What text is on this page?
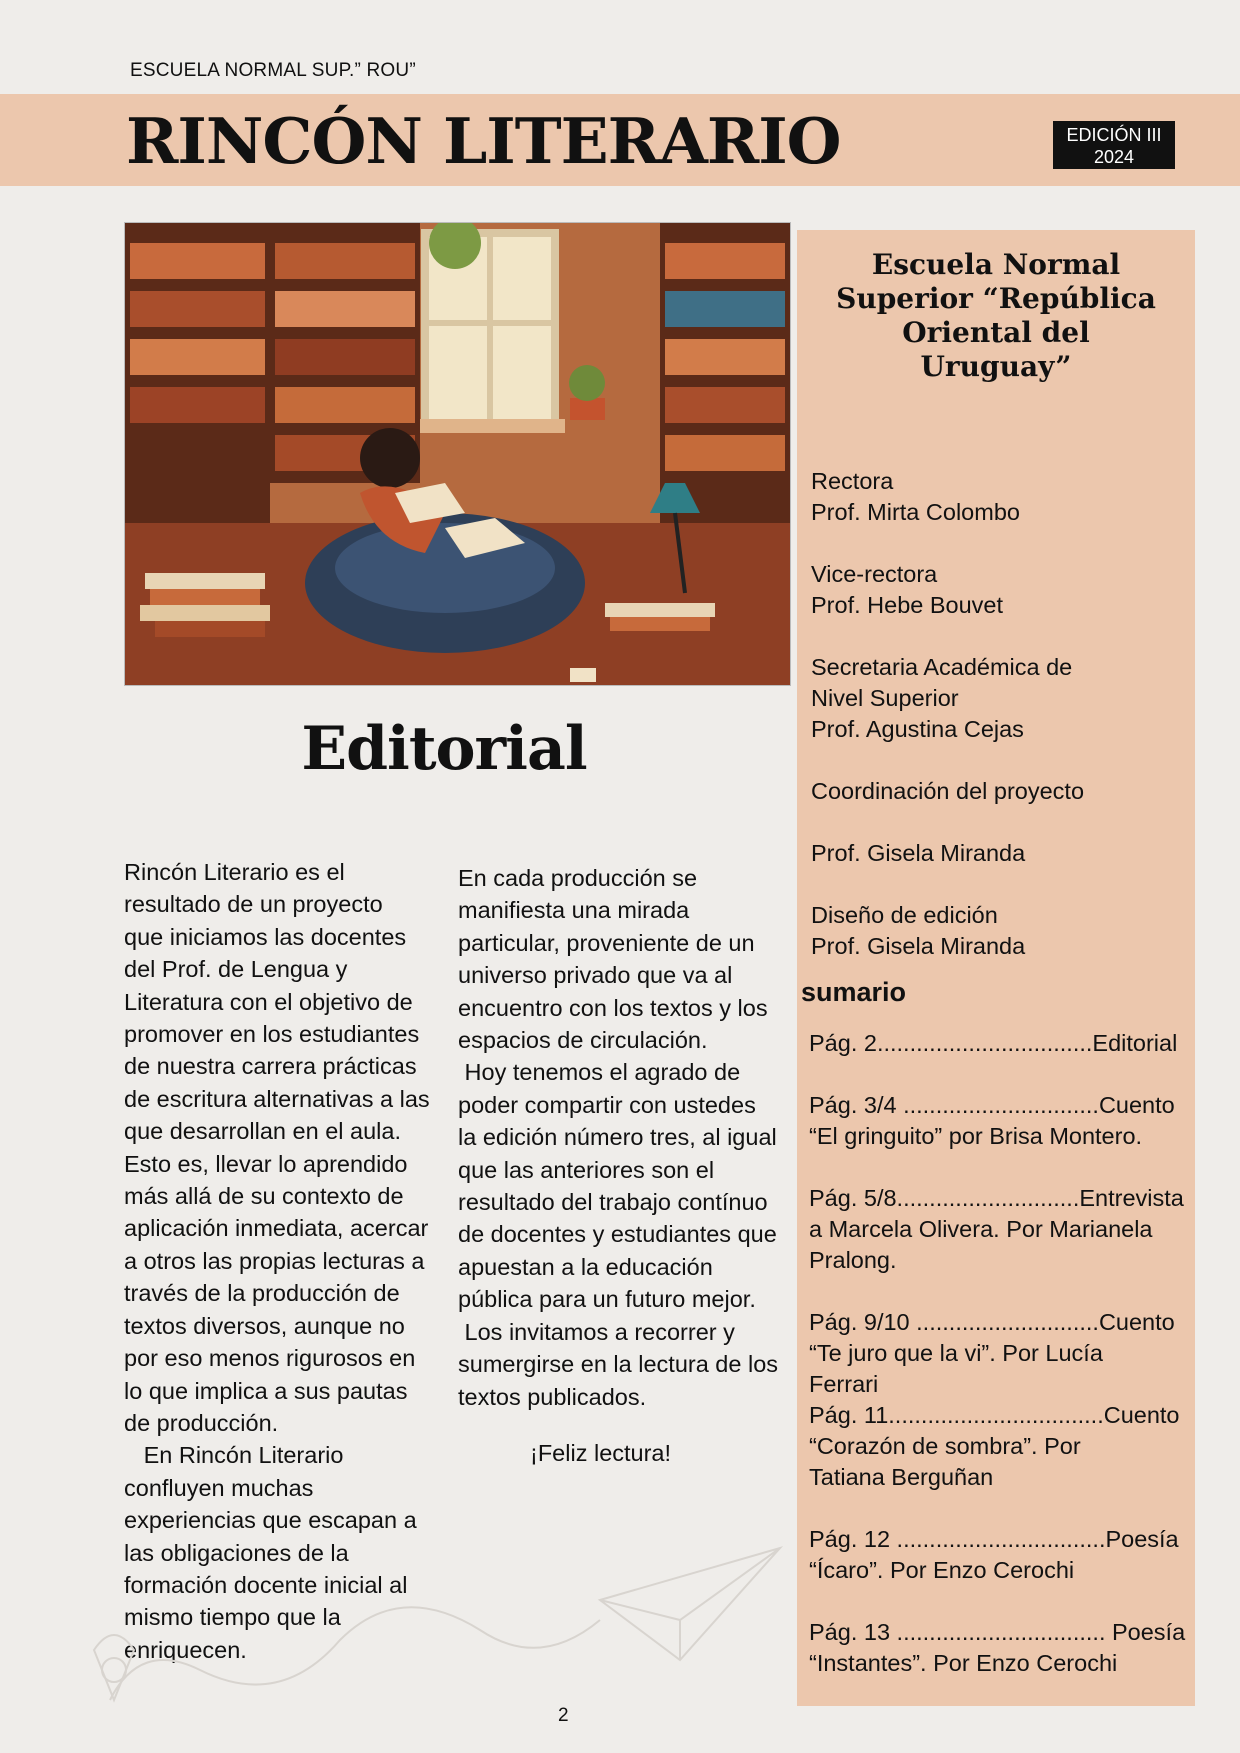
ESCUELA NORMAL SUP.” ROU”
RINCÓN LITERARIO	EDICIÓN III
2024
Editorial
Rincón Literario es el
resultado de un proyecto
que iniciamos las docentes
del Prof. de Lengua y
Literatura con el objetivo de
promover en los estudiantes
de nuestra carrera prácticas
de escritura alternativas a las
que desarrollan en el aula.
Esto es, llevar lo aprendido
más allá de su contexto de
aplicación inmediata, acercar
a otros las propias lecturas a
través de la producción de
textos diversos, aunque no
por eso menos rigurosos en
lo que implica a sus pautas
de producción.
En Rincón Literario
confluyen muchas
experiencias que escapan a
las obligaciones de la
formación docente inicial al
mismo tiempo que la
enriquecen.
En cada producción se
manifiesta una mirada
particular, proveniente de un
universo privado que va al
encuentro con los textos y los
espacios de circulación.
Hoy tenemos el agrado de
poder compartir con ustedes
la edición número tres, al igual
que las anteriores son el
resultado del trabajo contínuo
de docentes y estudiantes que
apuestan a la educación
pública para un futuro mejor.
Los invitamos a recorrer y
sumergirse en la lectura de los
textos publicados.
¡Feliz lectura!
2
Escuela Normal
Superior “República
Oriental del
Uruguay”
Rectora
Prof. Mirta Colombo

Vice-rectora
Prof. Hebe Bouvet

Secretaria Académica de
Nivel Superior
Prof. Agustina Cejas

Coordinación del proyecto

Prof. Gisela Miranda

Diseño de edición
Prof. Gisela Miranda
sumario
Pág. 2.................................Editorial

Pág. 3/4 ..............................Cuento
“El gringuito” por Brisa Montero.

Pág. 5/8............................Entrevista
a Marcela Olivera. Por Marianela
Pralong.

Pág. 9/10 ............................Cuento
“Te juro que la vi”. Por Lucía
Ferrari
Pág. 11.................................Cuento
“Corazón de sombra”. Por
Tatiana Berguñan

Pág. 12 ................................Poesía
“Ícaro”. Por Enzo Cerochi

Pág. 13 ................................ Poesía
“Instantes”. Por Enzo Cerochi
